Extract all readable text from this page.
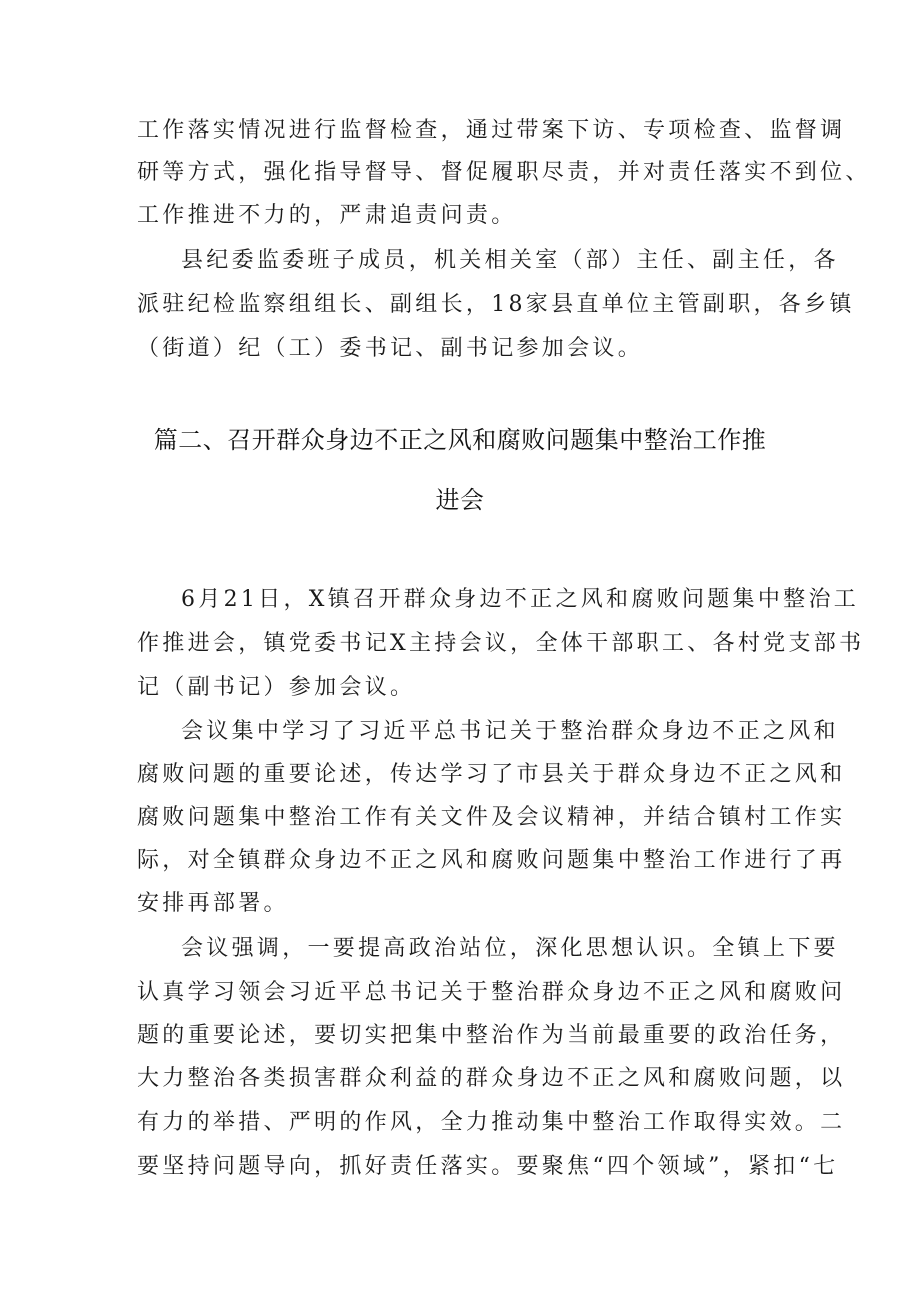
工作落实情况进行监督检查，通过带案下访、专项检查、监督调
研等方式，强化指导督导、督促履职尽责，并对责任落实不到位、
工作推进不力的，严肃追责问责。
县纪委监委班子成员，机关相关室（部）主任、副主任，各
派驻纪检监察组组长、副组长，18家县直单位主管副职，各乡镇
（街道）纪（工）委书记、副书记参加会议。
篇二、召开群众身边不正之风和腐败问题集中整治工作推
进会
6月21日，X镇召开群众身边不正之风和腐败问题集中整治工
作推进会，镇党委书记X主持会议，全体干部职工、各村党支部书
记（副书记）参加会议。
会议集中学习了习近平总书记关于整治群众身边不正之风和
腐败问题的重要论述，传达学习了市县关于群众身边不正之风和
腐败问题集中整治工作有关文件及会议精神，并结合镇村工作实
际，对全镇群众身边不正之风和腐败问题集中整治工作进行了再
安排再部署。
会议强调，一要提高政治站位，深化思想认识。全镇上下要
认真学习领会习近平总书记关于整治群众身边不正之风和腐败问
题的重要论述，要切实把集中整治作为当前最重要的政治任务，
大力整治各类损害群众利益的群众身边不正之风和腐败问题，以
有力的举措、严明的作风，全力推动集中整治工作取得实效。二
要坚持问题导向，抓好责任落实。要聚焦“四个领域”，紧扣“七
